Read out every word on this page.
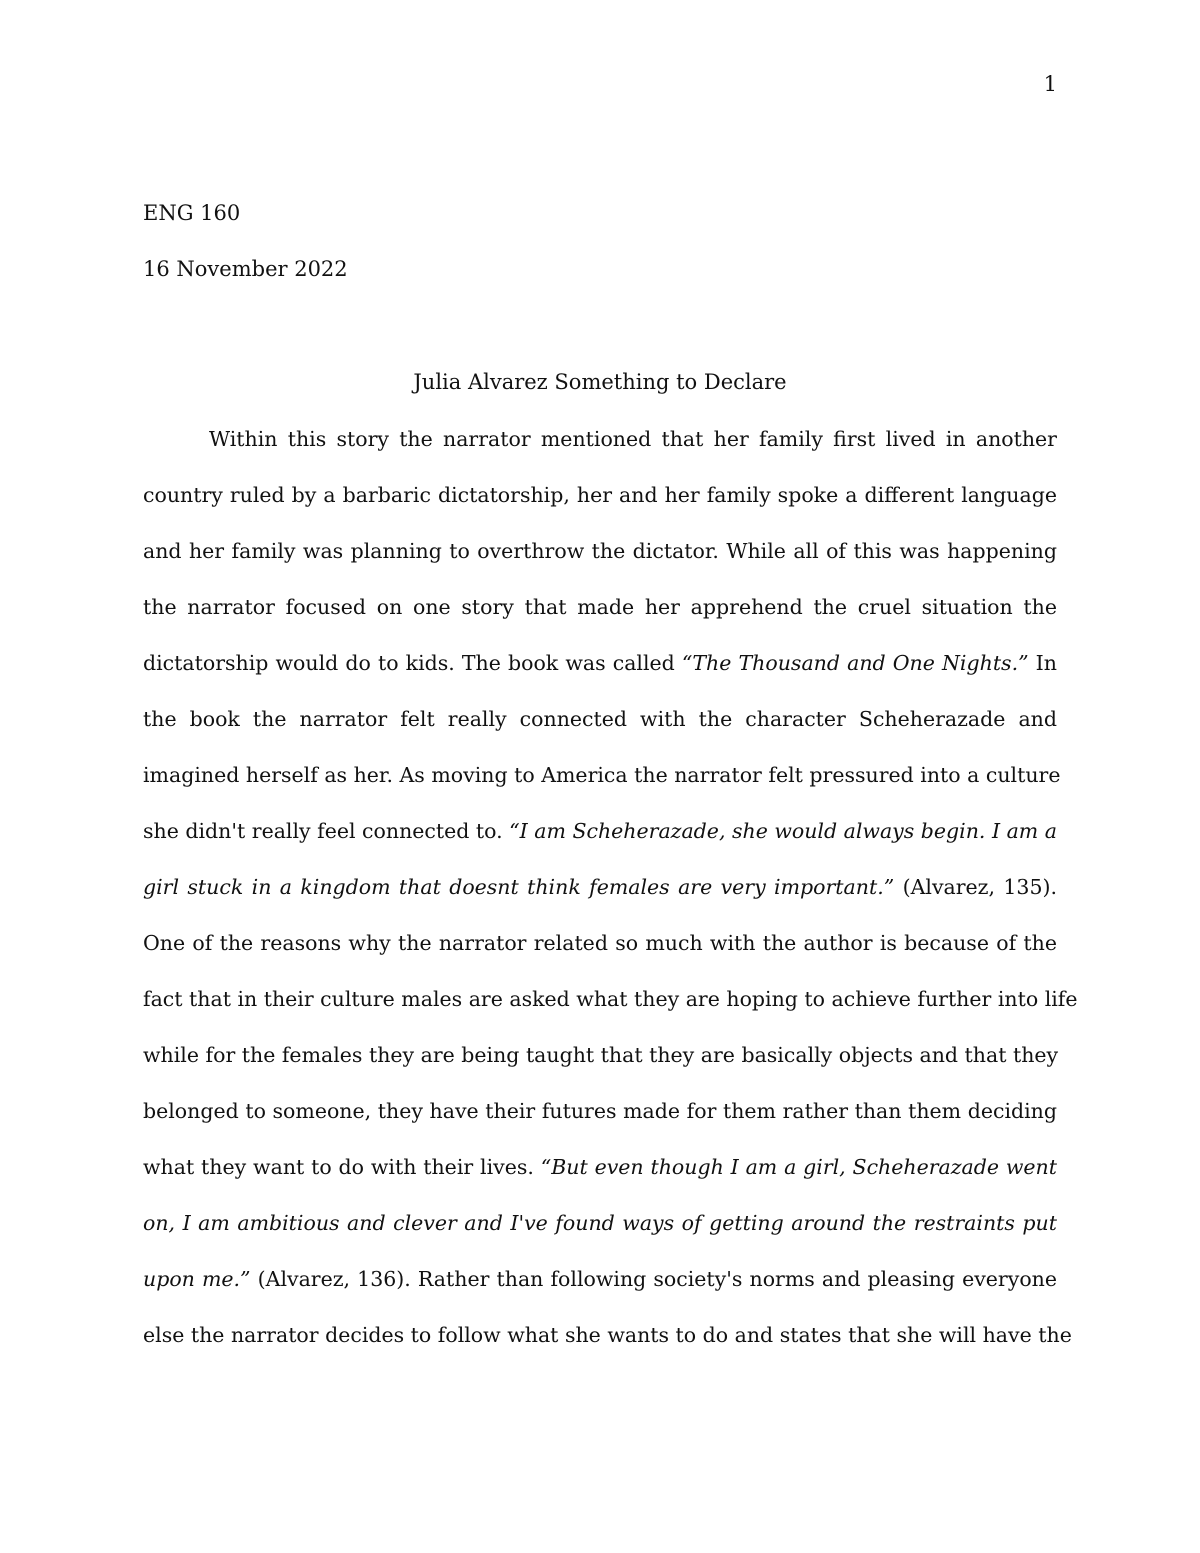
1
ENG 160
16 November 2022
Julia Alvarez Something to Declare
Within this story the narrator mentioned that her family first lived in another
country ruled by a barbaric dictatorship, her and her family spoke a different language
and her family was planning to overthrow the dictator. While all of this was happening
the narrator focused on one story that made her apprehend the cruel situation the
dictatorship would do to kids. The book was called “The Thousand and One Nights.” In
the book the narrator felt really connected with the character Scheherazade and
imagined herself as her. As moving to America the narrator felt pressured into a culture
she didn't really feel connected to. “I am Scheherazade, she would always begin. I am a
girl stuck in a kingdom that doesnt think females are very important.” (Alvarez, 135).
One of the reasons why the narrator related so much with the author is because of the
fact that in their culture males are asked what they are hoping to achieve further into life
while for the females they are being taught that they are basically objects and that they
belonged to someone, they have their futures made for them rather than them deciding
what they want to do with their lives. “But even though I am a girl, Scheherazade went
on, I am ambitious and clever and I've found ways of getting around the restraints put
upon me.” (Alvarez, 136). Rather than following society's norms and pleasing everyone
else the narrator decides to follow what she wants to do and states that she will have the
